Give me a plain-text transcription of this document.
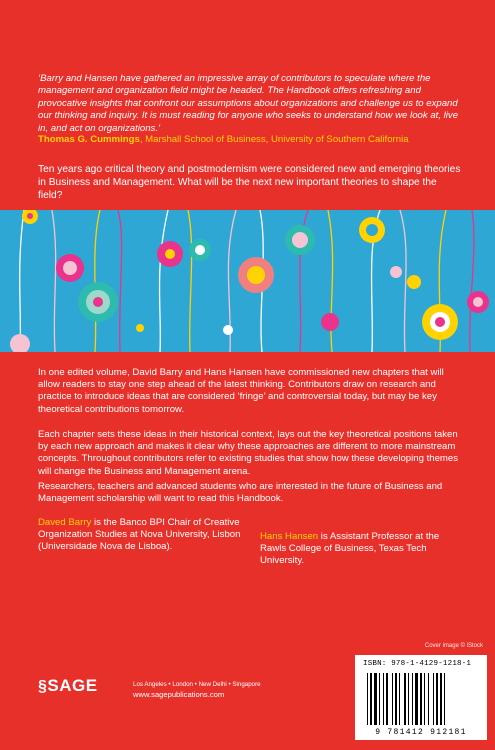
‘Barry and Hansen have gathered an impressive array of contributors to speculate where the management and organization field might be headed. The Handbook offers refreshing and provocative insights that confront our assumptions about organizations and challenge us to expand our thinking and inquiry. It is must reading for anyone who seeks to understand how we look at, live in, and act on organizations.’

Thomas G. Cummings, Marshall School of Business, University of Southern California

Ten years ago critical theory and postmodernism were considered new and emerging theories in Business and Management. What will be the next new important theories to shape the field?

In one edited volume, David Barry and Hans Hansen have commissioned new chapters that will allow readers to stay one step ahead of the latest thinking. Contributors draw on research and practice to introduce ideas that are considered ‘fringe’ and controversial today, but may be key theoretical contributions tomorrow.

Each chapter sets these ideas in their historical context, lays out the key theoretical positions taken by each new approach and makes it clear why these approaches are different to more mainstream concepts. Throughout contributors refer to existing studies that show how these developing themes will change the Business and Management arena.

Researchers, teachers and advanced students who are interested in the future of Business and Management scholarship will want to read this Handbook.

Daved Barry is the Banco BPI Chair of Creative Organization Studies at Nova University, Lisbon (Universidade Nova de Lisboa).
Hans Hansen is Assistant Professor at the Rawls College of Business, Texas Tech University.
Cover image © iStock
ISBN: 978-1-4129-1218-1
9 781412 912181
§SAGE	Los Angeles • London • New Delhi • Singapore
www.sagepublications.com
